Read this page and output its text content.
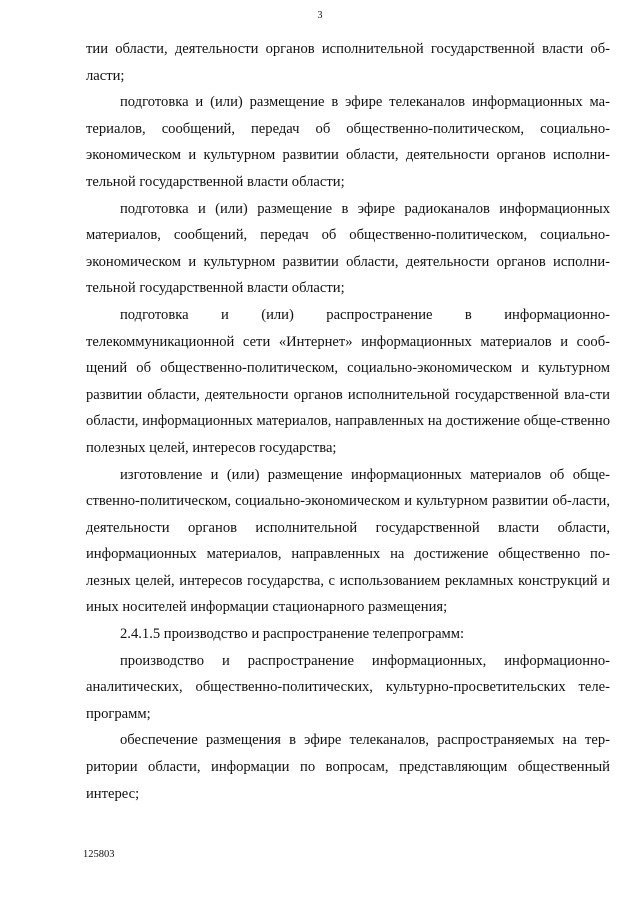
3

тии области, деятельности органов исполнительной государственной власти об-ласти;

подготовка и (или) размещение в эфире телеканалов информационных ма-териалов, сообщений, передач об общественно-политическом, социально-экономическом и культурном развитии области, деятельности органов исполни-тельной государственной власти области;

подготовка и (или) размещение в эфире радиоканалов информационных материалов, сообщений, передач об общественно-политическом, социально-экономическом и культурном развитии области, деятельности органов исполни-тельной государственной власти области;

подготовка и (или) распространение в информационно-телекоммуникационной сети «Интернет» информационных материалов и сооб-щений об общественно-политическом, социально-экономическом и культурном развитии области, деятельности органов исполнительной государственной вла-сти области, информационных материалов, направленных на достижение обще-ственно полезных целей, интересов государства;

изготовление и (или) размещение информационных материалов об обще-ственно-политическом, социально-экономическом и культурном развитии об-ласти, деятельности органов исполнительной государственной власти области, информационных материалов, направленных на достижение общественно по-лезных целей, интересов государства, с использованием рекламных конструкций и иных носителей информации стационарного размещения;

2.4.1.5 производство и распространение телепрограмм:

производство и распространение информационных, информационно-аналитических, общественно-политических, культурно-просветительских теле-программ;

обеспечение размещения в эфире телеканалов, распространяемых на тер-ритории области, информации по вопросам, представляющим общественный интерес;

125803
